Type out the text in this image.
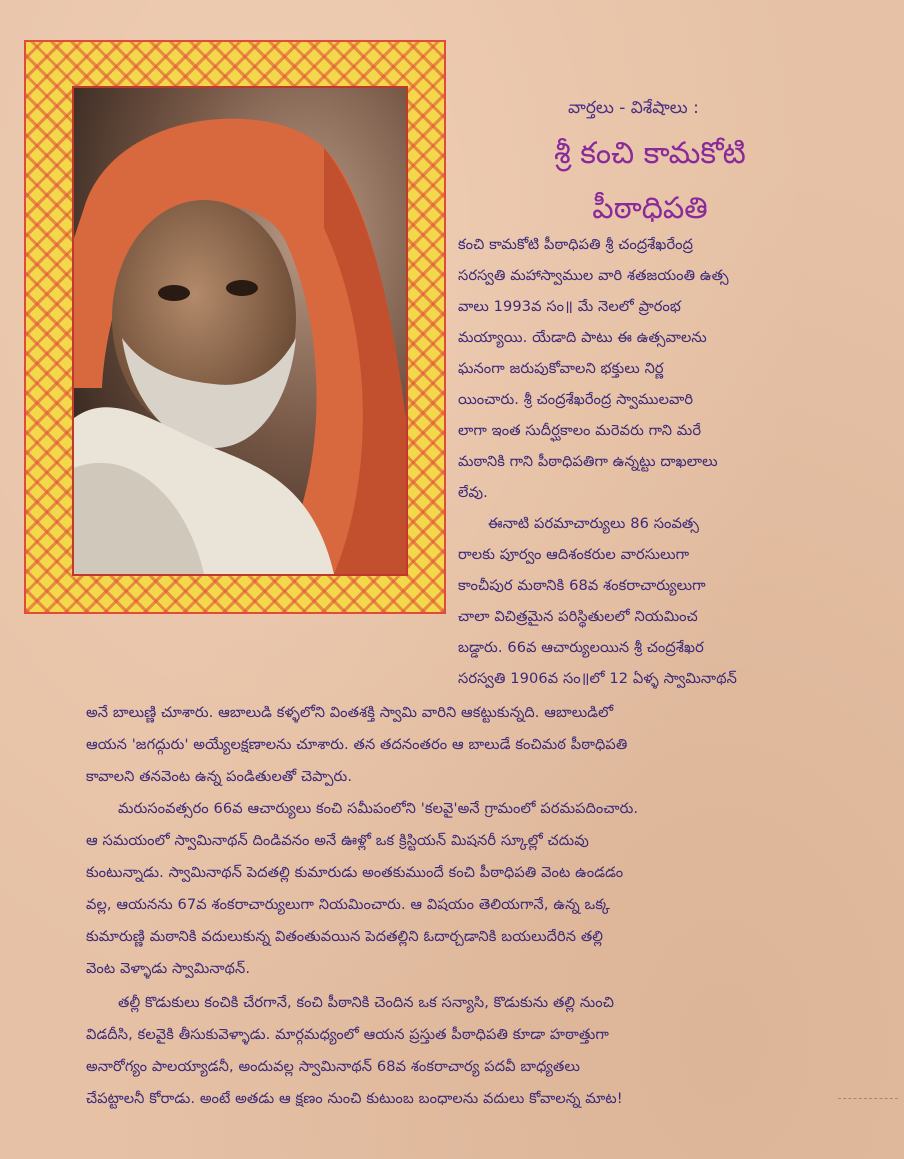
వార్తలు - విశేషాలు :
శ్రీ కంచి కామకోటి
పీఠాధిపతి
కంచి కామకోటి పీఠాధిపతి శ్రీ చంద్రశేఖరేంద్ర
సరస్వతి మహాస్వాముల వారి శతజయంతి ఉత్స
వాలు 1993వ సం॥ మే నెలలో ప్రారంభ
మయ్యాయి. యేడాది పాటు ఈ ఉత్సవాలను
ఘనంగా జరుపుకోవాలని భక్తులు నిర్ణ
యించారు. శ్రీ చంద్రశేఖరేంద్ర స్వాములవారి
లాగా ఇంత సుదీర్ఘకాలం మరెవరు గాని మరే
మఠానికి గాని పీఠాధిపతిగా ఉన్నట్టు దాఖలాలు
లేవు.
ఈనాటి పరమాచార్యులు 86 సంవత్స
రాలకు పూర్వం ఆదిశంకరుల వారసులుగా
కాంచీపుర మఠానికి 68వ శంకరాచార్యులుగా
చాలా విచిత్రమైన పరిస్థితులలో నియమించ
బడ్డారు. 66వ ఆచార్యులయిన శ్రీ చంద్రశేఖర
సరస్వతి 1906వ సం॥లో 12 ఏళ్ళ స్వామినాథన్
అనే బాలుణ్ణి చూశారు. ఆబాలుడి కళ్ళలోని వింతశక్తి స్వామి వారిని ఆకట్టుకున్నది. ఆబాలుడిలో
ఆయన 'జగద్గురు' అయ్యేలక్షణాలను చూశారు. తన తదనంతరం ఆ బాలుడే కంచిమఠ పీఠాధిపతి
కావాలని తనవెంట ఉన్న పండితులతో చెప్పారు.
మరుసంవత్సరం 66వ ఆచార్యులు కంచి సమీపంలోని 'కలవై'అనే గ్రామంలో పరమపదించారు.
ఆ సమయంలో స్వామినాథన్ దిండివనం అనే ఊళ్లో ఒక క్రిస్టియన్ మిషనరీ స్కూల్లో చదువు
కుంటున్నాడు. స్వామినాథన్ పెదతల్లి కుమారుడు అంతకుముందే కంచి పీఠాధిపతి వెంట ఉండడం
వల్ల, ఆయనను 67వ శంకరాచార్యులుగా నియమించారు. ఆ విషయం తెలియగానే, ఉన్న ఒక్క
కుమారుణ్ణి మఠానికి వదులుకున్న వితంతువయిన పెదతల్లిని ఓదార్చడానికి బయలుదేరిన తల్లి
వెంట వెళ్ళాడు స్వామినాథన్.
తల్లీ కొడుకులు కంచికి చేరగానే, కంచి పీఠానికి చెందిన ఒక సన్యాసి, కొడుకును తల్లి నుంచి
విడదీసి, కలవైకి తీసుకువెళ్ళాడు. మార్గమధ్యంలో ఆయన ప్రస్తుత పీఠాధిపతి కూడా హఠాత్తుగా
అనారోగ్యం పాలయ్యాడనీ, అందువల్ల స్వామినాథన్ 68వ శంకరాచార్య పదవీ బాధ్యతలు
చేపట్టాలనీ కోరాడు. అంటే అతడు ఆ క్షణం నుంచి కుటుంబ బంధాలను వదులు కోవాలన్న మాట!
